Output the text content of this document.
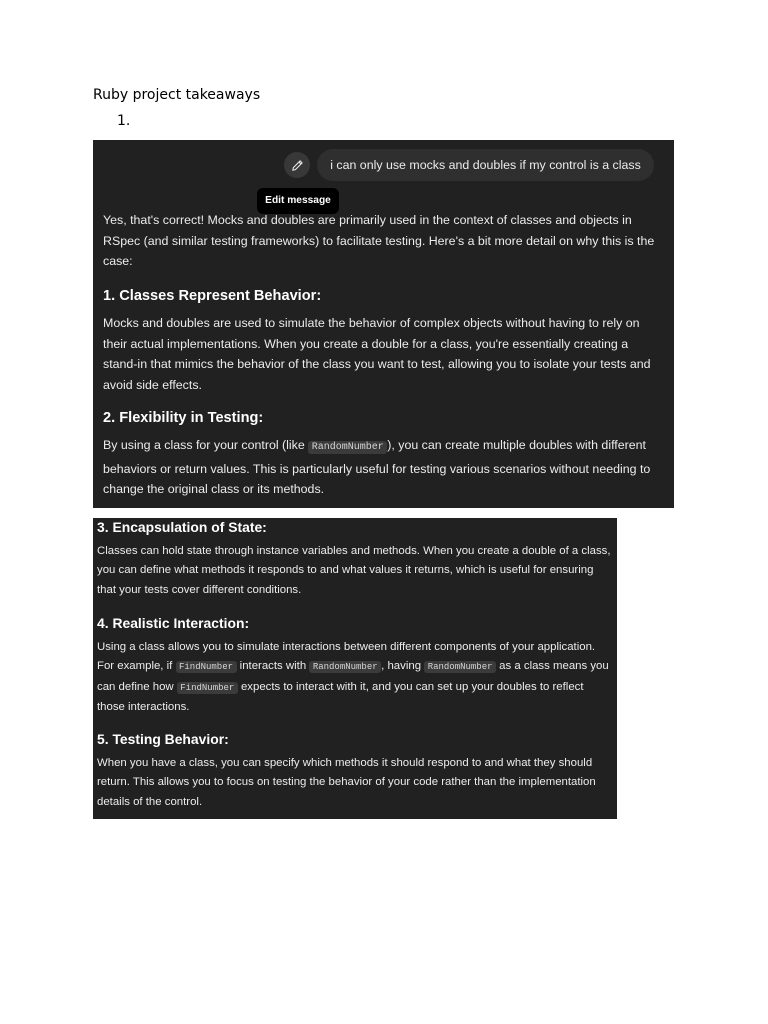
Ruby project takeaways
1.
i can only use mocks and doubles if my control is a class
Edit message
Yes, that's correct! Mocks and doubles are primarily used in the context of classes and objects in
RSpec (and similar testing frameworks) to facilitate testing. Here's a bit more detail on why this is the
case:
1. Classes Represent Behavior:
Mocks and doubles are used to simulate the behavior of complex objects without having to rely on
their actual implementations. When you create a double for a class, you're essentially creating a
stand-in that mimics the behavior of the class you want to test, allowing you to isolate your tests and
avoid side effects.
2. Flexibility in Testing:
By using a class for your control (like RandomNumber ), you can create multiple doubles with different
behaviors or return values. This is particularly useful for testing various scenarios without needing to
change the original class or its methods.
3. Encapsulation of State:
Classes can hold state through instance variables and methods. When you create a double of a class,
you can define what methods it responds to and what values it returns, which is useful for ensuring
that your tests cover different conditions.
4. Realistic Interaction:
Using a class allows you to simulate interactions between different components of your application.
For example, if FindNumber interacts with RandomNumber , having RandomNumber as a class means you
can define how FindNumber expects to interact with it, and you can set up your doubles to reflect
those interactions.
5. Testing Behavior:
When you have a class, you can specify which methods it should respond to and what they should
return. This allows you to focus on testing the behavior of your code rather than the implementation
details of the control.
